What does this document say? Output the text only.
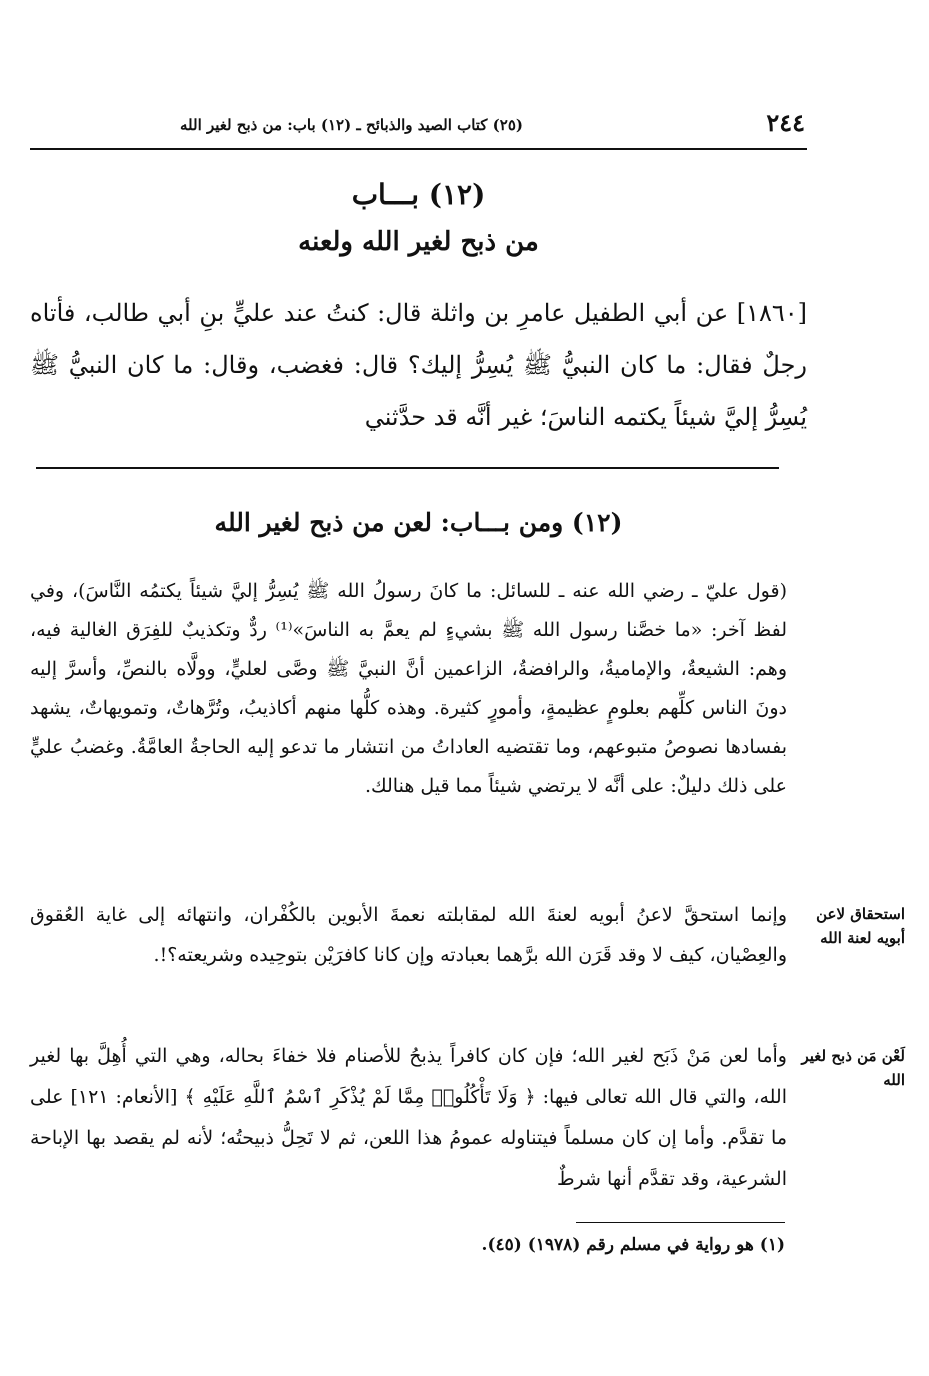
٢٤٤
(٢٥) كتاب الصيد والذبائح ـ (١٢) باب: من ذبح لغير الله
(١٢) بـــاب
من ذبح لغير الله ولعنه
[١٨٦٠] عن أبي الطفيل عامرِ بن واثلة قال: كنتُ عند عليٍّ بنِ أبي طالب، فأتاه رجلٌ فقال: ما كان النبيُّ ﷺ يُسِرُّ إليك؟ قال: فغضب، وقال: ما كان النبيُّ ﷺ يُسِرُّ إليَّ شيئاً يكتمه الناسَ؛ غير أنَّه قد حدَّثني
(١٢) ومن بـــاب: لعن من ذبح لغير الله
(قول عليّ ـ رضي الله عنه ـ للسائل: ما كانَ رسولُ الله ﷺ يُسِرُّ إليَّ شيئاً يكتمُه النَّاسَ)، وفي لفظ آخر: «ما خصَّنا رسول الله ﷺ بشيءٍ لم يعمَّ به الناسَ»⁽¹⁾ ردٌّ وتكذيبٌ للفِرَق الغالية فيه، وهم: الشيعةُ، والإماميةُ، والرافضةُ، الزاعمين أنَّ النبيَّ ﷺ وصَّى لعليٍّ، وولَّاه بالنصِّ، وأسرَّ إليه دونَ الناس كلِّهم بعلومٍ عظيمةٍ، وأمورٍ كثيرة. وهذه كلُّها منهم أكاذيبُ، وتُرَّهاتٌ، وتمويهاتٌ، يشهد بفسادها نصوصُ متبوعهم، وما تقتضيه العاداتُ من انتشار ما تدعو إليه الحاجةُ العامَّةُ. وغضبُ عليٍّ على ذلك دليلٌ: على أنَّه لا يرتضي شيئاً مما قيل هنالك.
استحقاق لاعن أبويه لعنة الله
وإنما استحقَّ لاعنُ أبويه لعنةَ الله لمقابلته نعمةَ الأبوين بالكُفْران، وانتهائه إلى غاية العُقوق والعِصْيان، كيف لا وقد قَرَن الله برَّهما بعبادته وإن كانا كافرَيْن بتوحِيده وشريعته؟!.
لَعْن مَن ذبح لغير الله
وأما لعن مَنْ ذَبَح لغير الله؛ فإن كان كافراً يذبحُ للأصنام فلا خفاءَ بحاله، وهي التي أُهِلَّ بها لغير الله، والتي قال الله تعالى فيها: ﴿ وَلَا تَأْكُلُوا۟ مِمَّا لَمْ يُذْكَرِ ٱسْمُ ٱللَّهِ عَلَيْهِ ﴾ [الأنعام: ١٢١] على ما تقدَّم. وأما إن كان مسلماً فيتناوله عمومُ هذا اللعن، ثم لا تَحِلُّ ذبيحتُه؛ لأنه لم يقصد بها الإباحة الشرعية، وقد تقدَّم أنها شرطٌ
(١) هو رواية في مسلم رقم (١٩٧٨) (٤٥).
